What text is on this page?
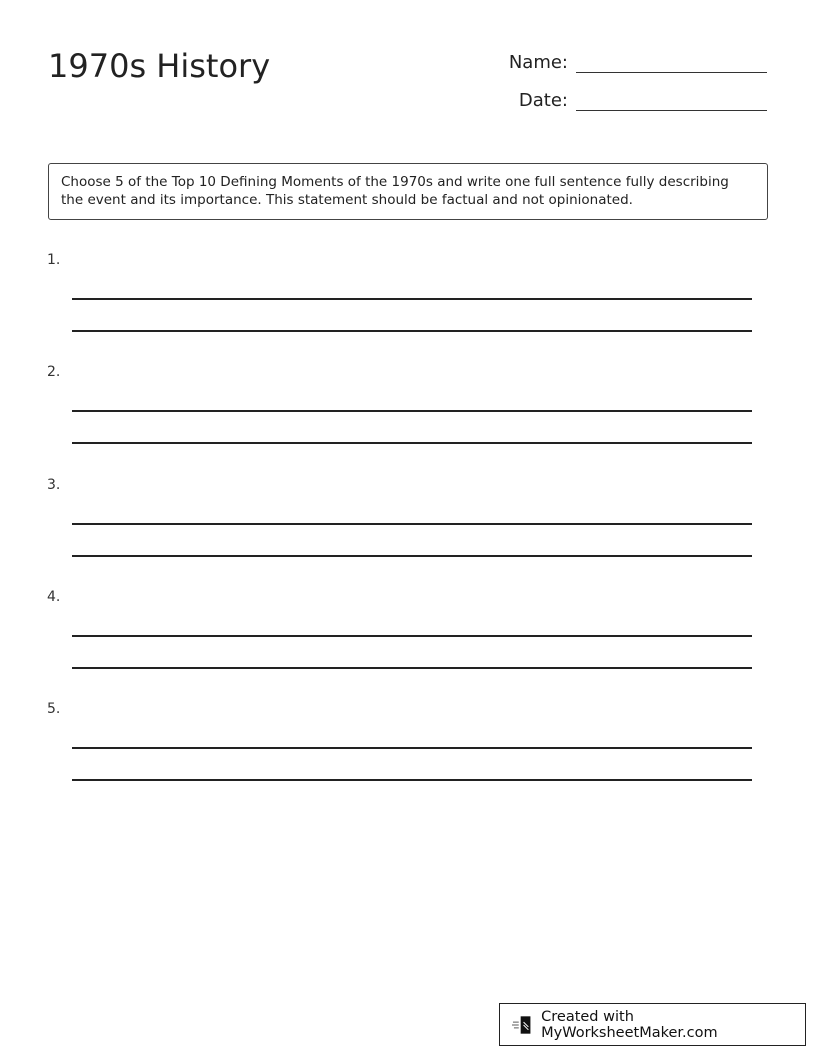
1970s History	Name:
Date:
Choose 5 of the Top 10 Defining Moments of the 1970s and write one full sentence fully describing the event and its importance. This statement should be factual and not opinionated.
1.
2.
3.
4.
5.
Created with MyWorksheetMaker.com
